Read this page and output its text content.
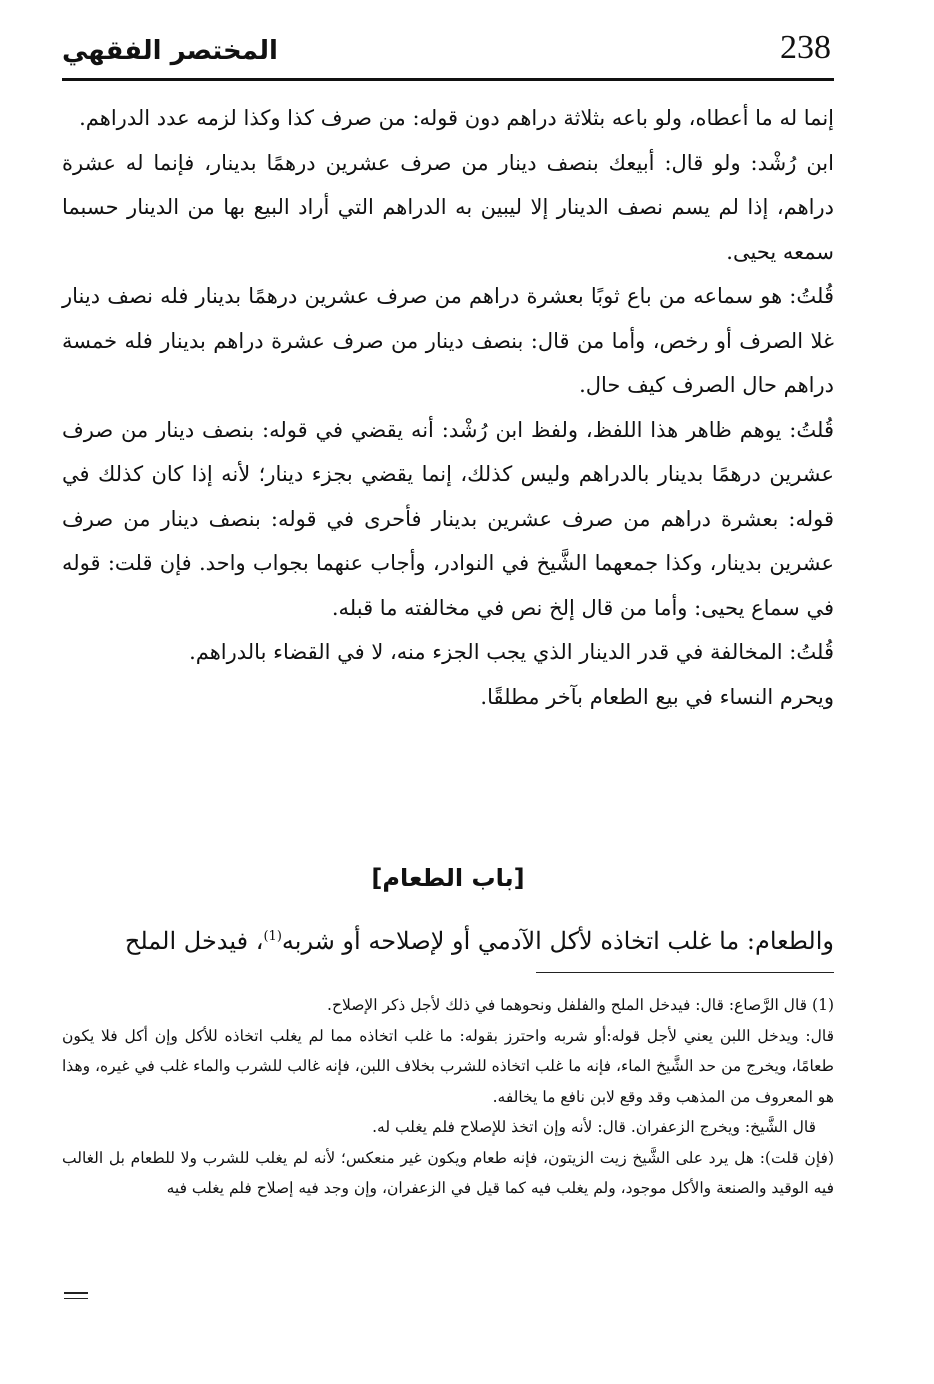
238
المختصر الفقهي

إنما له ما أعطاه، ولو باعه بثلاثة دراهم دون قوله: من صرف كذا وكذا لزمه عدد الدراهم.

ابن رُشْد: ولو قال: أبيعك بنصف دينار من صرف عشرين درهمًا بدينار، فإنما له عشرة دراهم، إذا لم يسم نصف الدينار إلا ليبين به الدراهم التي أراد البيع بها من الدينار حسبما سمعه يحيى.

قُلتُ: هو سماعه من باع ثوبًا بعشرة دراهم من صرف عشرين درهمًا بدينار فله نصف دينار غلا الصرف أو رخص، وأما من قال: بنصف دينار من صرف عشرة دراهم بدينار فله خمسة دراهم حال الصرف كيف حال.

قُلتُ: يوهم ظاهر هذا اللفظ، ولفظ ابن رُشْد: أنه يقضي في قوله: بنصف دينار من صرف عشرين درهمًا بدينار بالدراهم وليس كذلك، إنما يقضي بجزء دينار؛ لأنه إذا كان كذلك في قوله: بعشرة دراهم من صرف عشرين بدينار فأحرى في قوله: بنصف دينار من صرف عشرين بدينار، وكذا جمعهما الشَّيخ في النوادر، وأجاب عنهما بجواب واحد. فإن قلت: قوله في سماع يحيى: وأما من قال إلخ نص في مخالفته ما قبله.

قُلتُ: المخالفة في قدر الدينار الذي يجب الجزء منه، لا في القضاء بالدراهم.

ويحرم النساء في بيع الطعام بآخر مطلقًا.

[باب الطعام]
والطعام: ما غلب اتخاذه لأكل الآدمي أو لإصلاحه أو شربه$^{(1)}$، فيدخل الملح

(1) قال الرَّصاع: قال: فيدخل الملح والفلفل ونحوهما في ذلك لأجل ذكر الإصلاح.

قال: ويدخل اللبن يعني لأجل قوله:أو شربه واحترز بقوله: ما غلب اتخاذه مما لم يغلب اتخاذه للأكل وإن أكل فلا يكون طعامًا، ويخرج من حد الشَّيخ الماء، فإنه ما غلب اتخاذه للشرب بخلاف اللبن، فإنه غالب للشرب والماء غلب في غيره، وهذا هو المعروف من المذهب وقد وقع لابن نافع ما يخالفه.

قال الشَّيخ: ويخرج الزعفران. قال: لأنه وإن اتخذ للإصلاح فلم يغلب له.

(فإن قلت): هل يرد على الشَّيخ زيت الزيتون، فإنه طعام ويكون غير منعكس؛ لأنه لم يغلب للشرب ولا للطعام بل الغالب فيه الوقيد والصنعة والأكل موجود، ولم يغلب فيه كما قيل في الزعفران، وإن وجد فيه إصلاح فلم يغلب فيه
